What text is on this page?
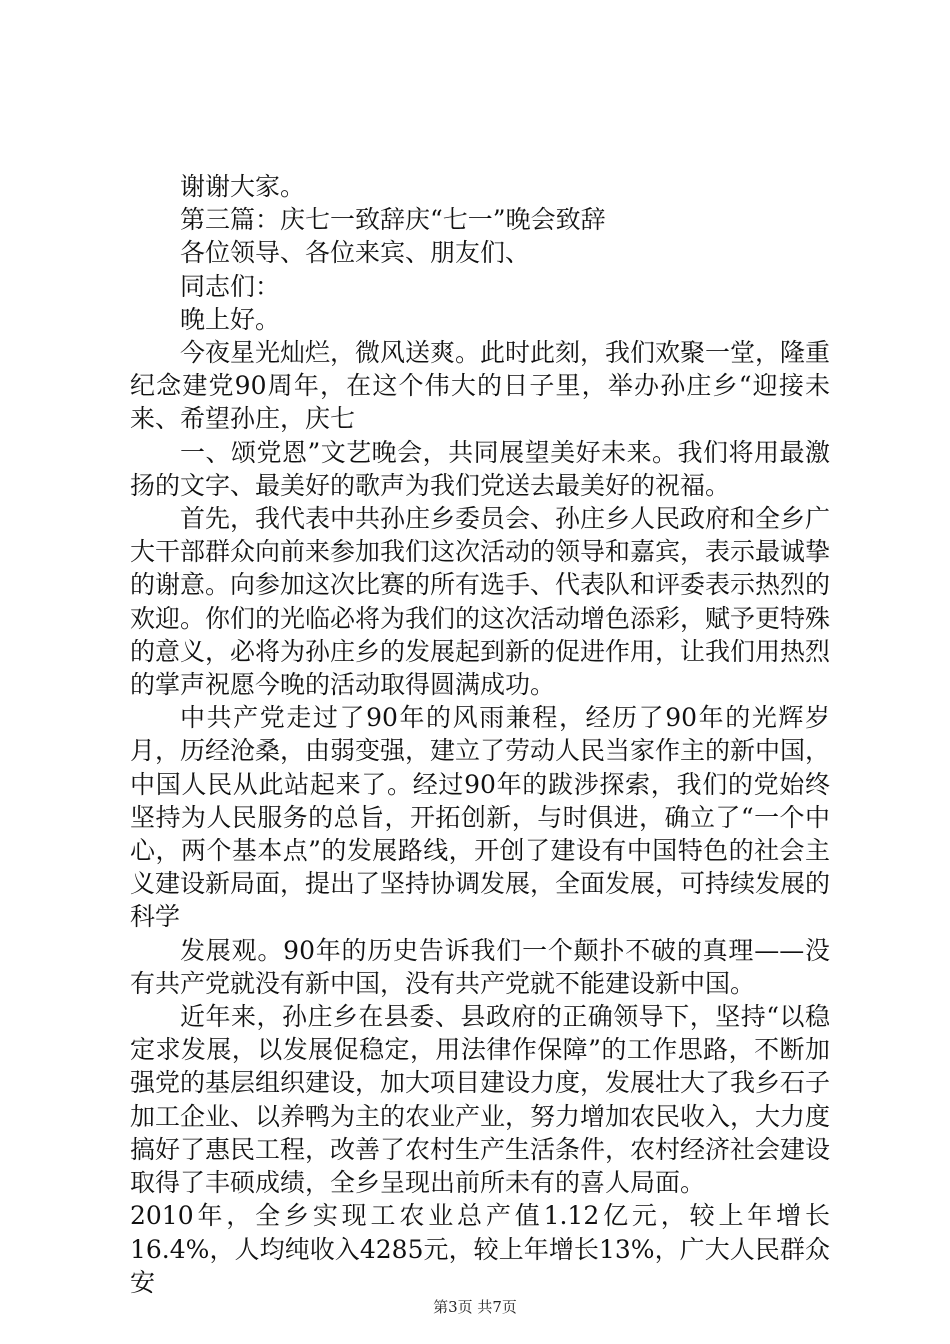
谢谢大家。

第三篇：庆七一致辞庆“七一”晚会致辞

各位领导、各位来宾、朋友们、

同志们：

晚上好。

今夜星光灿烂，微风送爽。此时此刻，我们欢聚一堂，隆重纪念建党90周年，在这个伟大的日子里，举办孙庄乡“迎接未来、希望孙庄，庆七

一、颂党恩”文艺晚会，共同展望美好未来。我们将用最激扬的文字、最美好的歌声为我们党送去最美好的祝福。

首先，我代表中共孙庄乡委员会、孙庄乡人民政府和全乡广大干部群众向前来参加我们这次活动的领导和嘉宾，表示最诚挚的谢意。向参加这次比赛的所有选手、代表队和评委表示热烈的欢迎。你们的光临必将为我们的这次活动增色添彩，赋予更特殊的意义，必将为孙庄乡的发展起到新的促进作用，让我们用热烈的掌声祝愿今晚的活动取得圆满成功。

中共产党走过了90年的风雨兼程，经历了90年的光辉岁月，历经沧桑，由弱变强，建立了劳动人民当家作主的新中国，中国人民从此站起来了。经过90年的跋涉探索，我们的党始终坚持为人民服务的总旨，开拓创新，与时俱进，确立了“一个中心，两个基本点”的发展路线，开创了建设有中国特色的社会主义建设新局面，提出了坚持协调发展，全面发展，可持续发展的科学

发展观。90年的历史告诉我们一个颠扑不破的真理——没有共产党就没有新中国，没有共产党就不能建设新中国。

近年来，孙庄乡在县委、县政府的正确领导下，坚持“以稳定求发展，以发展促稳定，用法律作保障”的工作思路，不断加强党的基层组织建设，加大项目建设力度，发展壮大了我乡石子加工企业、以养鸭为主的农业产业，努力增加农民收入，大力度搞好了惠民工程，改善了农村生产生活条件，农村经济社会建设取得了丰硕成绩，全乡呈现出前所未有的喜人局面。

2010年，全乡实现工农业总产值1.12亿元，较上年增长16.4%，人均纯收入4285元，较上年增长13%，广大人民群众安

第3页 共7页
